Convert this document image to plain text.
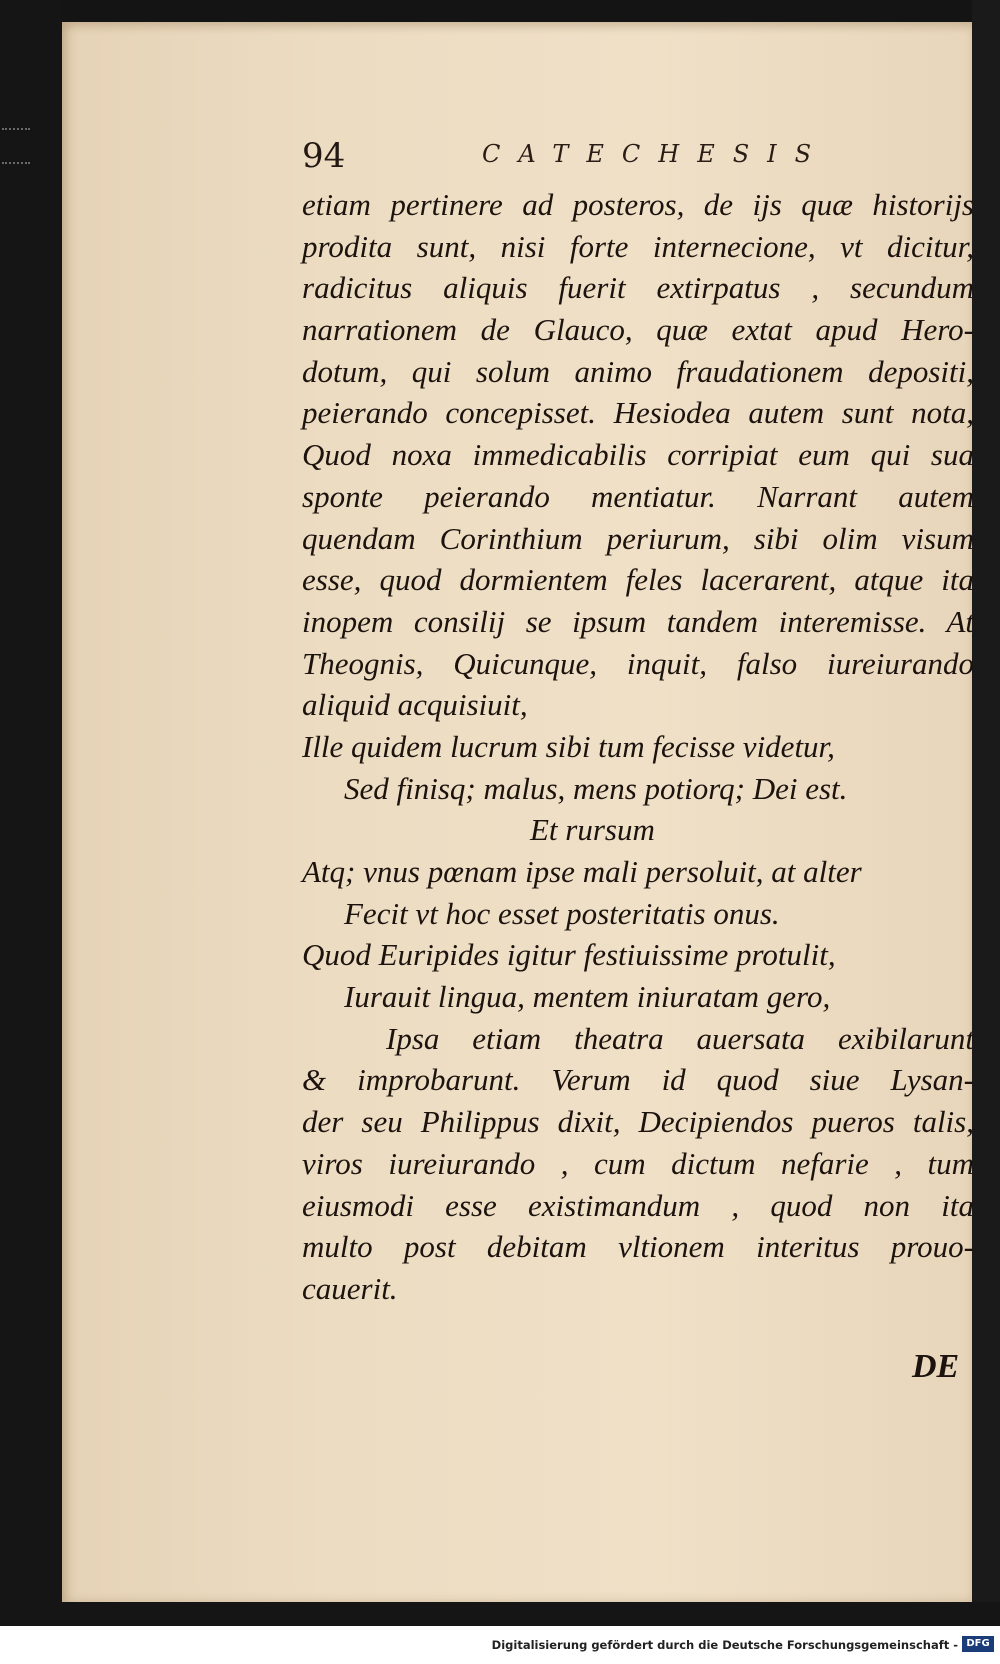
94	CATECHESIS
etiam pertinere ad posteros, de ijs quæ historijs
prodita sunt, nisi forte internecione, vt dicitur,
radicitus aliquis fuerit extirpatus , secundum
narrationem de Glauco, quæ extat apud Hero-
dotum, qui solum animo fraudationem depositi,
peierando concepisset. Hesiodea autem sunt nota,
Quod noxa immedicabilis corripiat eum qui sua
sponte peierando mentiatur. Narrant autem
quendam Corinthium periurum, sibi olim visum
esse, quod dormientem feles lacerarent, atque ita
inopem consilij se ipsum tandem interemisse. At
Theognis, Quicunque, inquit, falso iureiurando
aliquid acquisiuit,
Ille quidem lucrum sibi tum fecisse videtur,
Sed finisq; malus, mens potiorq; Dei est.
Et rursum
Atq; vnus pœnam ipse mali persoluit, at alter
Fecit vt hoc esset posteritatis onus.
Quod Euripides igitur festiuissime protulit,
Iurauit lingua, mentem iniuratam gero,
Ipsa etiam theatra auersata exibilarunt
& improbarunt. Verum id quod siue Lysan-
der seu Philippus dixit, Decipiendos pueros talis,
viros iureiurando , cum dictum nefarie , tum
eiusmodi esse existimandum , quod non ita
multo post debitam vltionem interitus prouo-
cauerit.
DE
Digitalisierung gefördert durch die Deutsche Forschungsgemeinschaft - DFG
